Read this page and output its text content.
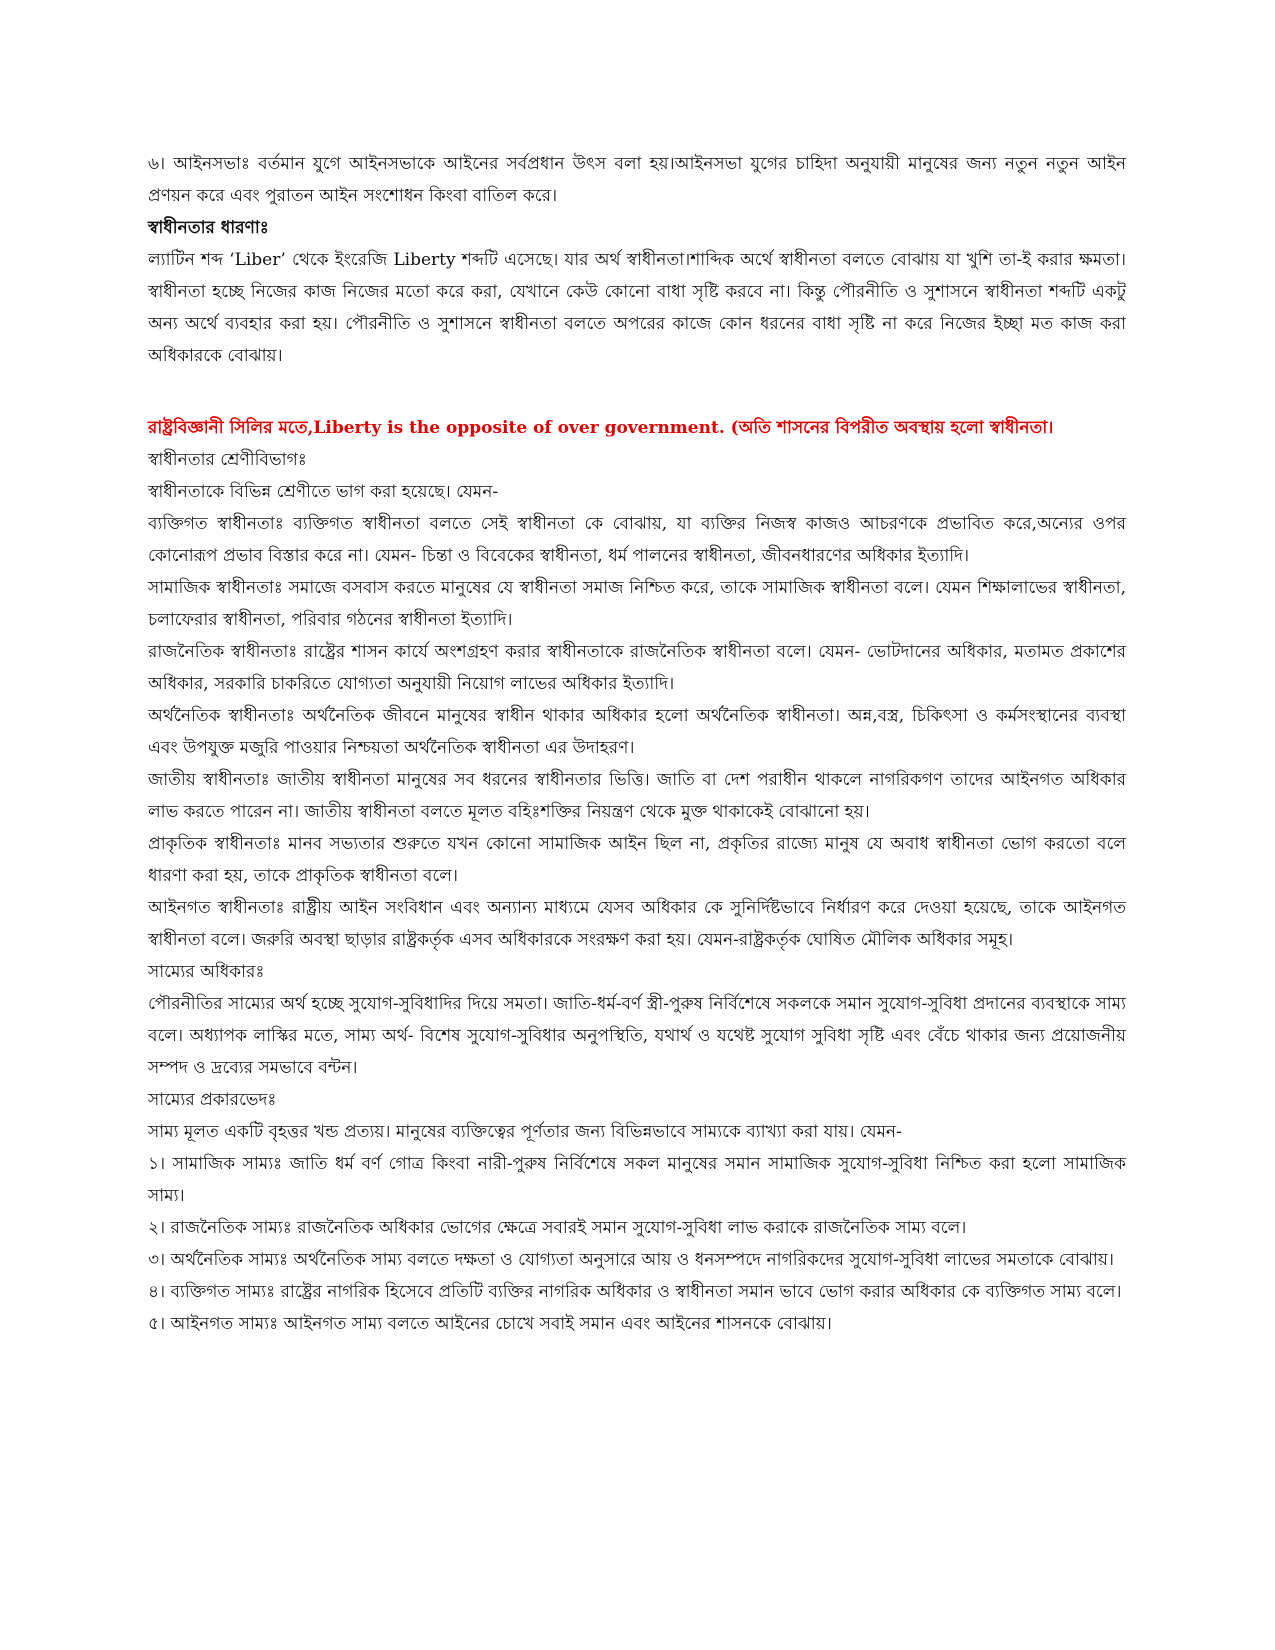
৬। আইনসভাঃ বর্তমান যুগে আইনসভাকে আইনের সর্বপ্রধান উৎস বলা হয়।আইনসভা যুগের চাহিদা অনুযায়ী মানুষের জন্য নতুন নতুন আইন প্রণয়ন করে এবং পুরাতন আইন সংশোধন কিংবা বাতিল করে।

স্বাধীনতার ধারণাঃ

ল্যাটিন শব্দ ‘Liber’ থেকে ইংরেজি Liberty শব্দটি এসেছে। যার অর্থ স্বাধীনতা।শাব্দিক অর্থে স্বাধীনতা বলতে বোঝায় যা খুশি তা-ই করার ক্ষমতা। স্বাধীনতা হচ্ছে নিজের কাজ নিজের মতো করে করা, যেখানে কেউ কোনো বাধা সৃষ্টি করবে না। কিন্তু পৌরনীতি ও সুশাসনে স্বাধীনতা শব্দটি একটু অন্য অর্থে ব্যবহার করা হয়। পৌরনীতি ও সুশাসনে স্বাধীনতা বলতে অপরের কাজে কোন ধরনের বাধা সৃষ্টি না করে নিজের ইচ্ছা মত কাজ করা অধিকারকে বোঝায়।

রাষ্ট্রবিজ্ঞানী সিলির মতে,Liberty is the opposite of over government. (অতি শাসনের বিপরীত অবস্থায় হলো স্বাধীনতা।

স্বাধীনতার শ্রেণীবিভাগঃ

স্বাধীনতাকে বিভিন্ন শ্রেণীতে ভাগ করা হয়েছে। যেমন-

ব্যক্তিগত স্বাধীনতাঃ ব্যক্তিগত স্বাধীনতা বলতে সেই স্বাধীনতা কে বোঝায়, যা ব্যক্তির নিজস্ব কাজও আচরণকে প্রভাবিত করে,অন্যের ওপর কোনোরূপ প্রভাব বিস্তার করে না। যেমন- চিন্তা ও বিবেকের স্বাধীনতা, ধর্ম পালনের স্বাধীনতা, জীবনধারণের অধিকার ইত্যাদি।

সামাজিক স্বাধীনতাঃ সমাজে বসবাস করতে মানুষের যে স্বাধীনতা সমাজ নিশ্চিত করে, তাকে সামাজিক স্বাধীনতা বলে। যেমন শিক্ষালাভের স্বাধীনতা, চলাফেরার স্বাধীনতা, পরিবার গঠনের স্বাধীনতা ইত্যাদি।

রাজনৈতিক স্বাধীনতাঃ রাষ্ট্রের শাসন কার্যে অংশগ্রহণ করার স্বাধীনতাকে রাজনৈতিক স্বাধীনতা বলে। যেমন- ভোটদানের অধিকার, মতামত প্রকাশের অধিকার, সরকারি চাকরিতে যোগ্যতা অনুযায়ী নিয়োগ লাভের অধিকার ইত্যাদি।

অর্থনৈতিক স্বাধীনতাঃ অর্থনৈতিক জীবনে মানুষের স্বাধীন থাকার অধিকার হলো অর্থনৈতিক স্বাধীনতা। অন্ন,বস্ত্র, চিকিৎসা ও কর্মসংস্থানের ব্যবস্থা এবং উপযুক্ত মজুরি পাওয়ার নিশ্চয়তা অর্থনৈতিক স্বাধীনতা এর উদাহরণ।

জাতীয় স্বাধীনতাঃ জাতীয় স্বাধীনতা মানুষের সব ধরনের স্বাধীনতার ভিত্তি। জাতি বা দেশ পরাধীন থাকলে নাগরিকগণ তাদের আইনগত অধিকার লাভ করতে পারেন না। জাতীয় স্বাধীনতা বলতে মূলত বহিঃশক্তির নিয়ন্ত্রণ থেকে মুক্ত থাকাকেই বোঝানো হয়।

প্রাকৃতিক স্বাধীনতাঃ মানব সভ্যতার শুরুতে যখন কোনো সামাজিক আইন ছিল না, প্রকৃতির রাজ্যে মানুষ যে অবাধ স্বাধীনতা ভোগ করতো বলে ধারণা করা হয়, তাকে প্রাকৃতিক স্বাধীনতা বলে।

আইনগত স্বাধীনতাঃ রাষ্ট্রীয় আইন সংবিধান এবং অন্যান্য মাধ্যমে যেসব অধিকার কে সুনির্দিষ্টভাবে নির্ধারণ করে দেওয়া হয়েছে, তাকে আইনগত স্বাধীনতা বলে। জরুরি অবস্থা ছাড়ার রাষ্ট্রকর্তৃক এসব অধিকারকে সংরক্ষণ করা হয়। যেমন-রাষ্ট্রকর্তৃক ঘোষিত মৌলিক অধিকার সমূহ।

সাম্যের অধিকারঃ

পৌরনীতির সাম্যের অর্থ হচ্ছে সুযোগ-সুবিধাদির দিয়ে সমতা। জাতি-ধর্ম-বর্ণ স্ত্রী-পুরুষ নির্বিশেষে সকলকে সমান সুযোগ-সুবিধা প্রদানের ব্যবস্থাকে সাম্য বলে। অধ্যাপক লাস্কির মতে, সাম্য অর্থ- বিশেষ সুযোগ-সুবিধার অনুপস্থিতি, যথার্থ ও যথেষ্ট সুযোগ সুবিধা সৃষ্টি এবং বেঁচে থাকার জন্য প্রয়োজনীয় সম্পদ ও দ্রব্যের সমভাবে বন্টন।

সাম্যের প্রকারভেদঃ

সাম্য মূলত একটি বৃহত্তর খন্ড প্রত্যয়। মানুষের ব্যক্তিত্বের পূর্ণতার জন্য বিভিন্নভাবে সাম্যকে ব্যাখ্যা করা যায়। যেমন-

১। সামাজিক সাম্যঃ জাতি ধর্ম বর্ণ গোত্র কিংবা নারী-পুরুষ নির্বিশেষে সকল মানুষের সমান সামাজিক সুযোগ-সুবিধা নিশ্চিত করা হলো সামাজিক সাম্য।

২। রাজনৈতিক সাম্যঃ রাজনৈতিক অধিকার ভোগের ক্ষেত্রে সবারই সমান সুযোগ-সুবিধা লাভ করাকে রাজনৈতিক সাম্য বলে।

৩। অর্থনৈতিক সাম্যঃ অর্থনৈতিক সাম্য বলতে দক্ষতা ও যোগ্যতা অনুসারে আয় ও ধনসম্পদে নাগরিকদের সুযোগ-সুবিধা লাভের সমতাকে বোঝায়।

৪। ব্যক্তিগত সাম্যঃ রাষ্ট্রের নাগরিক হিসেবে প্রতিটি ব্যক্তির নাগরিক অধিকার ও স্বাধীনতা সমান ভাবে ভোগ করার অধিকার কে ব্যক্তিগত সাম্য বলে।

৫। আইনগত সাম্যঃ আইনগত সাম্য বলতে আইনের চোখে সবাই সমান এবং আইনের শাসনকে বোঝায়।
